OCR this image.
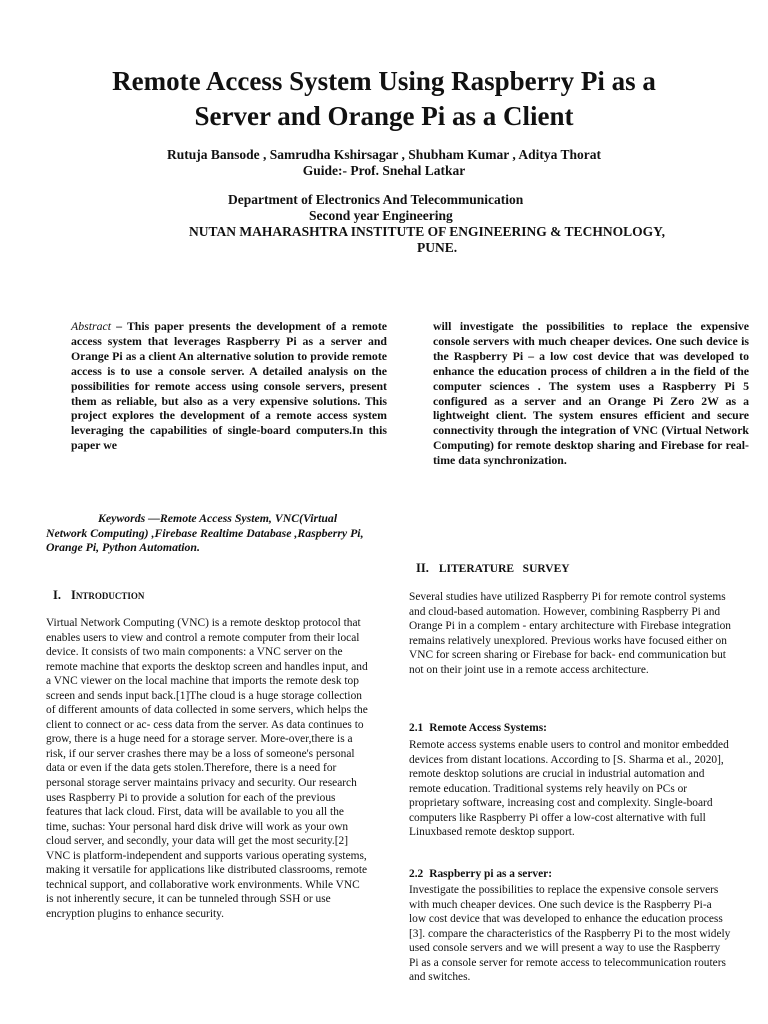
Remote Access System Using Raspberry Pi as a
Server and Orange Pi as a Client
Rutuja Bansode , Samrudha Kshirsagar , Shubham Kumar , Aditya Thorat
Guide:- Prof. Snehal Latkar
Department of Electronics And Telecommunication
Second year Engineering
NUTAN MAHARASHTRA INSTITUTE OF ENGINEERING & TECHNOLOGY,
PUNE.
Abstract – This paper presents the development of a remote access system that leverages Raspberry Pi as a server and Orange Pi as a client An alternative solution to provide remote access is to use a console server. A detailed analysis on the possibilities for remote access using console servers, present them as reliable, but also as a very expensive solutions. This project explores the development of a remote access system leveraging the capabilities of single-board computers.In this paper we
will investigate the possibilities to replace the expensive console servers with much cheaper devices. One such device is the Raspberry Pi – a low cost device that was developed to enhance the education process of children a in the field of the computer sciences . The system uses a Raspberry Pi 5 configured as a server and an Orange Pi Zero 2W as a lightweight client. The system ensures efficient and secure connectivity through the integration of VNC (Virtual Network Computing) for remote desktop sharing and Firebase for real-time data synchronization.
Keywords —Remote Access System, VNC(Virtual Network Computing) ,Firebase Realtime Database ,Raspberry Pi, Orange Pi, Python Automation.
I. Introduction
Virtual Network Computing (VNC) is a remote desktop protocol that enables users to view and control a remote computer from their local device. It consists of two main components: a VNC server on the remote machine that exports the desktop screen and handles input, and a VNC viewer on the local machine that imports the remote desk top screen and sends input back.[1]The cloud is a huge storage collection of different amounts of data collected in some servers, which helps the client to connect or ac- cess data from the server. As data continues to grow, there is a huge need for a storage server. More-over,there is a risk, if our server crashes there may be a loss of someone's personal data or even if the data gets stolen.Therefore, there is a need for personal storage server maintains privacy and security. Our research uses Raspberry Pi to provide a solution for each of the previous features that lack cloud. First, data will be available to you all the time, suchas: Your personal hard disk drive will work as your own cloud server, and secondly, your data will get the most security.[2] VNC is platform-independent and supports various operating systems, making it versatile for applications like distributed classrooms, remote technical support, and collaborative work environments. While VNC is not inherently secure, it can be tunneled through SSH or use encryption plugins to enhance security.
II. LITERATURE   SURVEY
Several studies have utilized Raspberry Pi for remote control systems and cloud-based automation. However, combining Raspberry Pi and Orange Pi in a complem - entary architecture with Firebase integration remains relatively unexplored. Previous works have focused either on VNC for screen sharing or Firebase for back- end communication but not on their joint use in a remote access architecture.
2.1 Remote Access Systems:
Remote access systems enable users to control and monitor embedded devices from distant locations. According to [S. Sharma et al., 2020], remote desktop solutions are crucial in industrial automation and remote education. Traditional systems rely heavily on PCs or proprietary software, increasing cost and complexity. Single-board computers like Raspberry Pi offer a low-cost alternative with full Linuxbased remote desktop support.
2.2 Raspberry pi as a server:
Investigate the possibilities to replace the expensive console servers with much cheaper devices. One such device is the Raspberry Pi-a low cost device that was developed to enhance the education process [3]. compare the characteristics of the Raspberry Pi to the most widely used console servers and we will present a way to use the Raspberry Pi as a console server for remote access to telecommunication routers and switches.
